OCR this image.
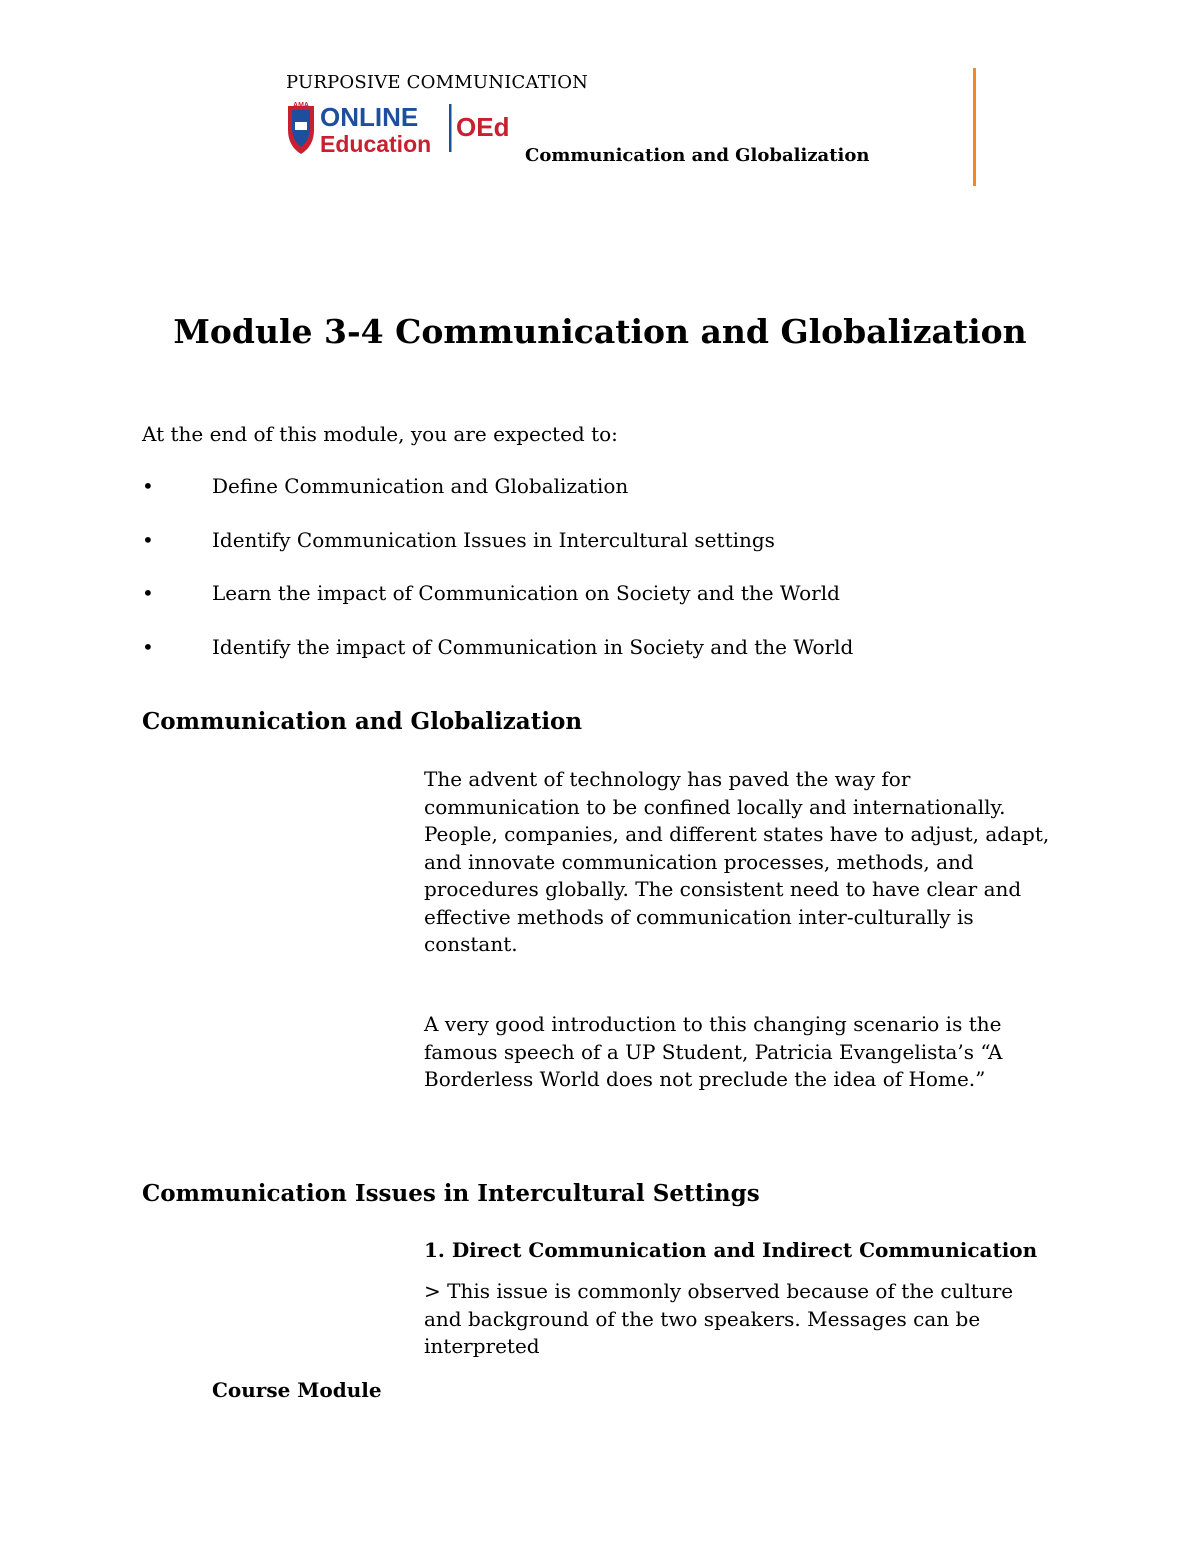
PURPOSIVE COMMUNICATION
AMA ONLINE
Education
OEd
Communication and Globalization
Module 3-4 Communication and Globalization
At the end of this module, you are expected to:
•	Define Communication and Globalization
•	Identify Communication Issues in Intercultural settings
•	Learn the impact of Communication on Society and the World
•	Identify the impact of Communication in Society and the World
Communication and Globalization

The advent of technology has paved the way for communication to be confined locally and internationally. People, companies, and different states have to adjust, adapt, and innovate communication processes, methods, and procedures globally. The consistent need to have clear and effective methods of communication inter-culturally is constant.

A very good introduction to this changing scenario is the famous speech of a UP Student, Patricia Evangelista’s “A Borderless World does not preclude the idea of Home.”

Communication Issues in Intercultural Settings
1. Direct Communication and Indirect Communication

> This issue is commonly observed because of the culture and background of the two speakers. Messages can be interpreted

Course Module
